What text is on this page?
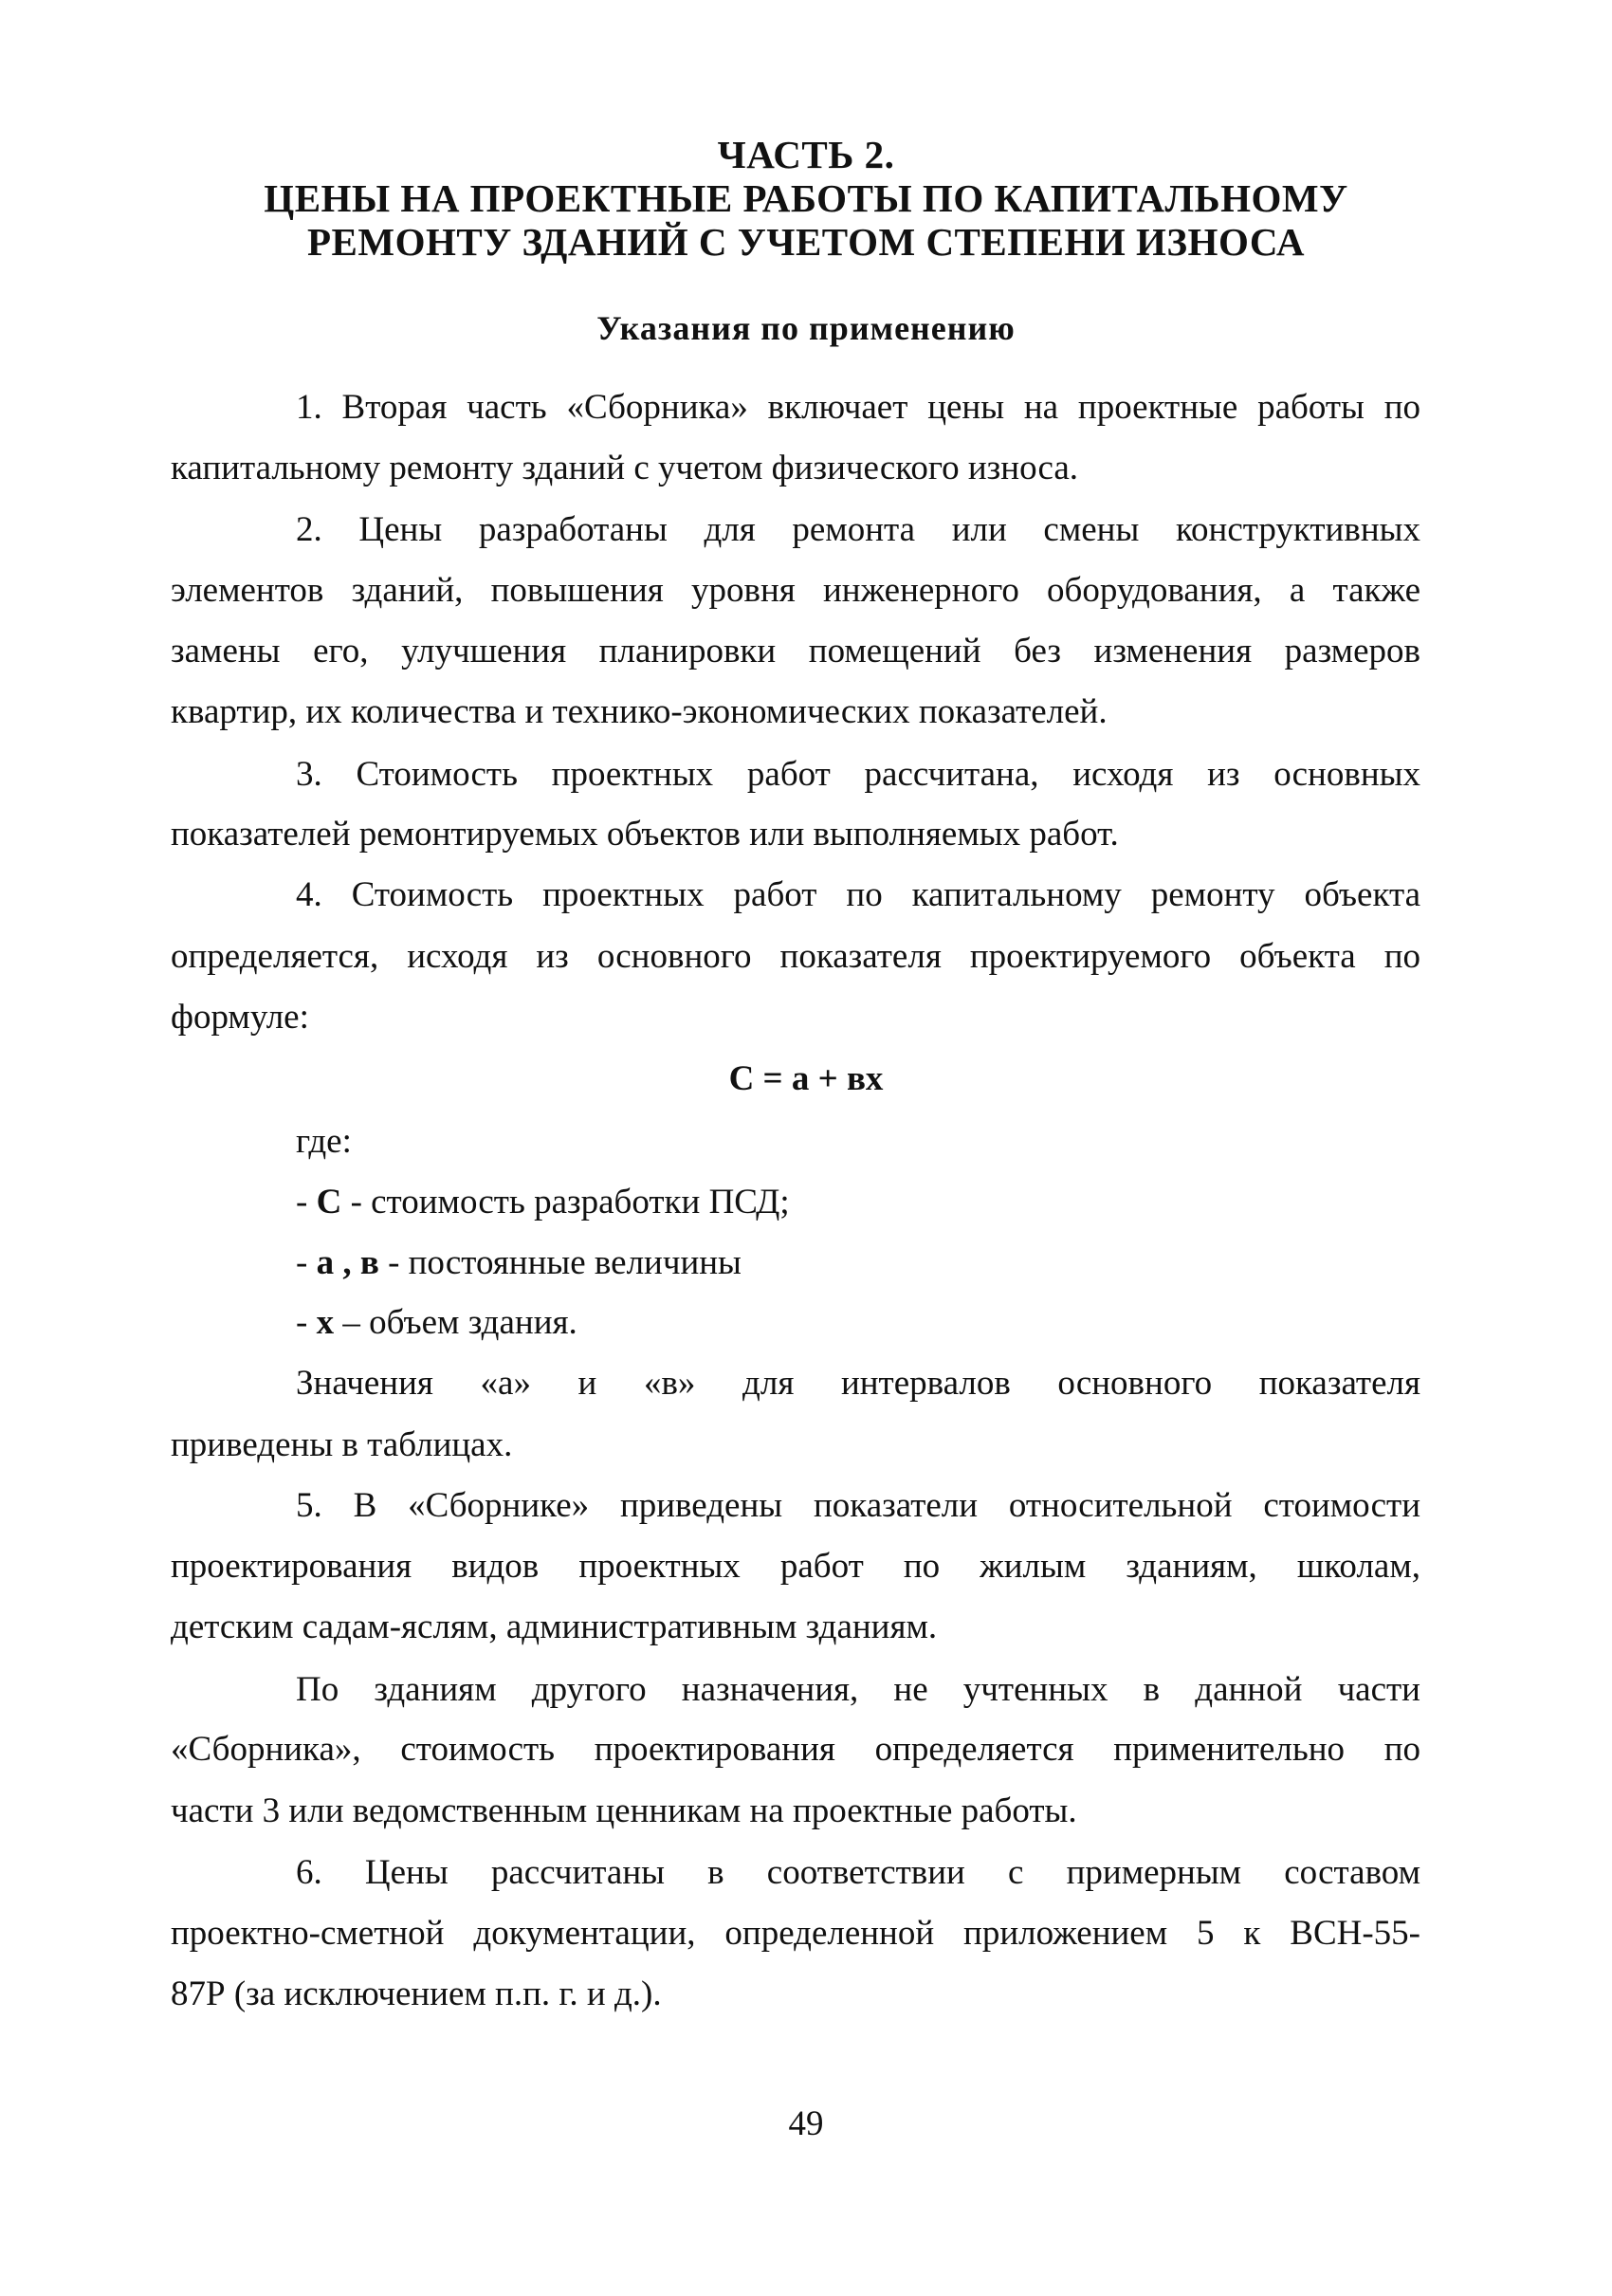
ЧАСТЬ 2.
ЦЕНЫ НА ПРОЕКТНЫЕ РАБОТЫ ПО КАПИТАЛЬНОМУ
РЕМОНТУ ЗДАНИЙ С УЧЕТОМ СТЕПЕНИ ИЗНОСА
Указания по применению
1. Вторая часть «Сборника» включает цены на проектные работы по
капитальному ремонту зданий с учетом физического износа.
2. Цены разработаны для ремонта или смены конструктивных
элементов зданий, повышения уровня инженерного оборудования, а также
замены его, улучшения планировки помещений без изменения размеров
квартир, их количества и технико-экономических показателей.
3. Стоимость проектных работ рассчитана, исходя из основных
показателей ремонтируемых объектов или выполняемых работ.
4. Стоимость проектных работ по капитальному ремонту объекта
определяется, исходя из основного показателя проектируемого объекта по
формуле:
С = а + вх
где:
- С - стоимость разработки ПСД;
- а , в - постоянные величины
- х – объем здания.
Значения «а» и «в» для интервалов основного показателя
приведены в таблицах.
5. В «Сборнике» приведены показатели относительной стоимости
проектирования видов проектных работ по жилым зданиям, школам,
детским садам-яслям, административным зданиям.
По зданиям другого назначения, не учтенных в данной части
«Сборника», стоимость проектирования определяется применительно по
части 3 или ведомственным ценникам на проектные работы.
6. Цены рассчитаны в соответствии с примерным составом
проектно-сметной документации, определенной приложением 5 к ВСН-55-
87Р (за исключением п.п. г. и д.).
49
